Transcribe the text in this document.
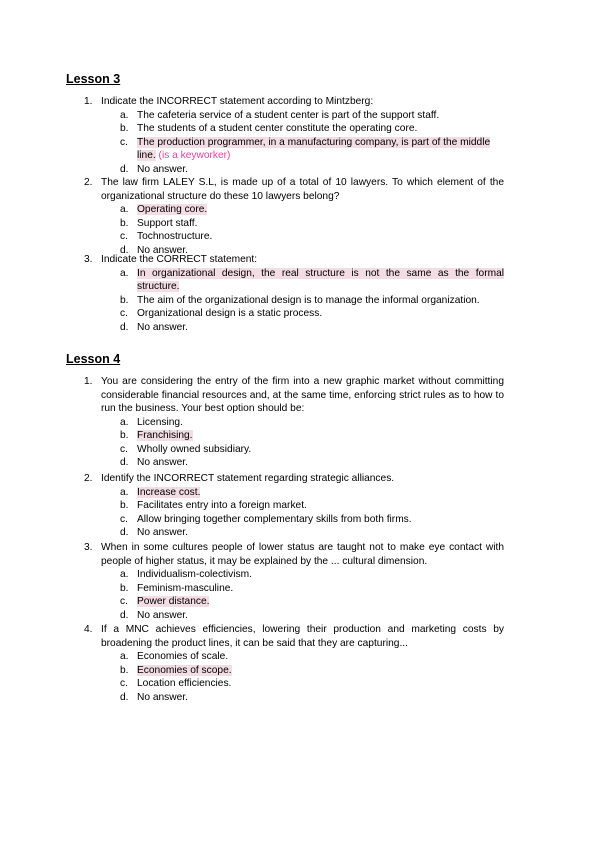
Lesson 3
1. Indicate the INCORRECT statement according to Mintzberg:
a. The cafeteria service of a student center is part of the support staff.
b. The students of a student center constitute the operating core.
c. The production programmer, in a manufacturing company, is part of the middle line. (is a keyworker)
d. No answer.
2. The law firm LALEY S.L, is made up of a total of 10 lawyers. To which element of the organizational structure do these 10 lawyers belong?
a. Operating core.
b. Support staff.
c. Tochnostructure.
d. No answer.
3. Indicate the CORRECT statement:
a. In organizational design, the real structure is not the same as the formal structure.
b. The aim of the organizational design is to manage the informal organization.
c. Organizational design is a static process.
d. No answer.
Lesson 4
1. You are considering the entry of the firm into a new graphic market without committing considerable financial resources and, at the same time, enforcing strict rules as to how to run the business. Your best option should be:
a. Licensing.
b. Franchising.
c. Wholly owned subsidiary.
d. No answer.
2. Identify the INCORRECT statement regarding strategic alliances.
a. Increase cost.
b. Facilitates entry into a foreign market.
c. Allow bringing together complementary skills from both firms.
d. No answer.
3. When in some cultures people of lower status are taught not to make eye contact with people of higher status, it may be explained by the ... cultural dimension.
a. Individualism-colectivism.
b. Feminism-masculine.
c. Power distance.
d. No answer.
4. If a MNC achieves efficiencies, lowering their production and marketing costs by broadening the product lines, it can be said that they are capturing...
a. Economies of scale.
b. Economies of scope.
c. Location efficiencies.
d. No answer.
